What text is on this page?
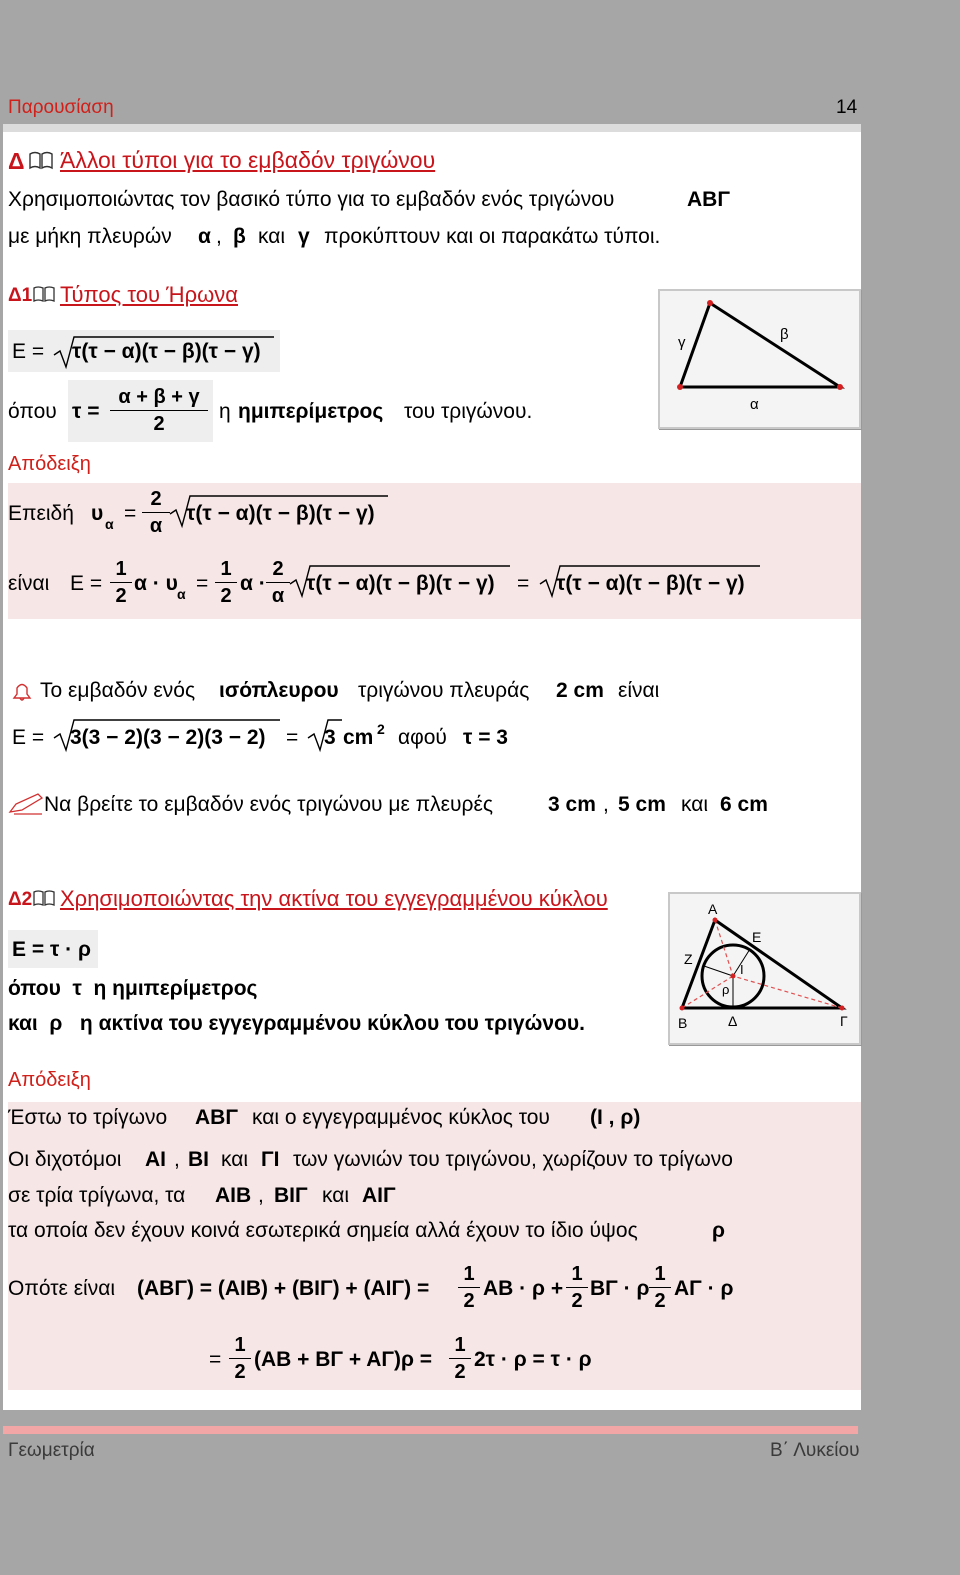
Παρουσίαση	14
Δ Άλλοι τύποι για το εμβαδόν τριγώνου
Χρησιμοποιώντας τον βασικό τύπο για το εμβαδόν ενός τριγώνου	ΑΒΓ
με μήκη πλευρών α , β και γ προκύπτουν και οι παρακάτω τύποι.
Δ1 Τύπος του Ήρωνα
Ε = τ(τ − α)(τ − β)(τ − γ)
όπου τ =
α + β + γ
2
η ημιπερίμετρος του τριγώνου.
γ	β
α
Απόδειξη
Επειδή υ α =
2
α
τ(τ − α)(τ − β)(τ − γ)
είναι Ε =
1
2
α · υ α =
1
2
α ·
2
α
τ(τ − α)(τ − β)(τ − γ) = τ(τ − α)(τ − β)(τ − γ)
Το εμβαδόν ενός ισόπλευρου τριγώνου πλευράς 2 cm είναι
Ε = 3(3 − 2)(3 − 2)(3 − 2) = 3 cm 2 αφού τ = 3
Να βρείτε το εμβαδόν ενός τριγώνου με πλευρές	3 cm , 5 cm και 6 cm
Δ2 Χρησιμοποιώντας την ακτίνα του εγγεγραμμένου κύκλου
Ε = τ · ρ
όπου  τ  η ημιπερίμετρος
και  ρ   η ακτίνα του εγγεγραμμένου κύκλου του τριγώνου.
Α
Ε
Ζ
Ι
ρ
Β	Δ	Γ
Απόδειξη
Έστω το τρίγωνο ΑΒΓ και ο εγγεγραμμένος κύκλος του (Ι , ρ)
Οι διχοτόμοι ΑΙ , ΒΙ και ΓΙ των γωνιών του τριγώνου, χωρίζουν το τρίγωνο
σε τρία τρίγωνα, τα ΑΙΒ , ΒΙΓ και ΑΙΓ
τα οποία δεν έχουν κοινά εσωτερικά σημεία αλλά έχουν το ίδιο ύψος	ρ
Οπότε είναι (ΑΒΓ) = (ΑΙΒ) + (ΒΙΓ) + (ΑΙΓ) =
1
2
ΑΒ · ρ +
1
2
ΒΓ · ρ
1
2
ΑΓ · ρ
=
1
2
(ΑΒ + ΒΓ + ΑΓ)ρ =
1
2
2τ · ρ = τ · ρ
Γεωμετρία	Β΄ Λυκείου
